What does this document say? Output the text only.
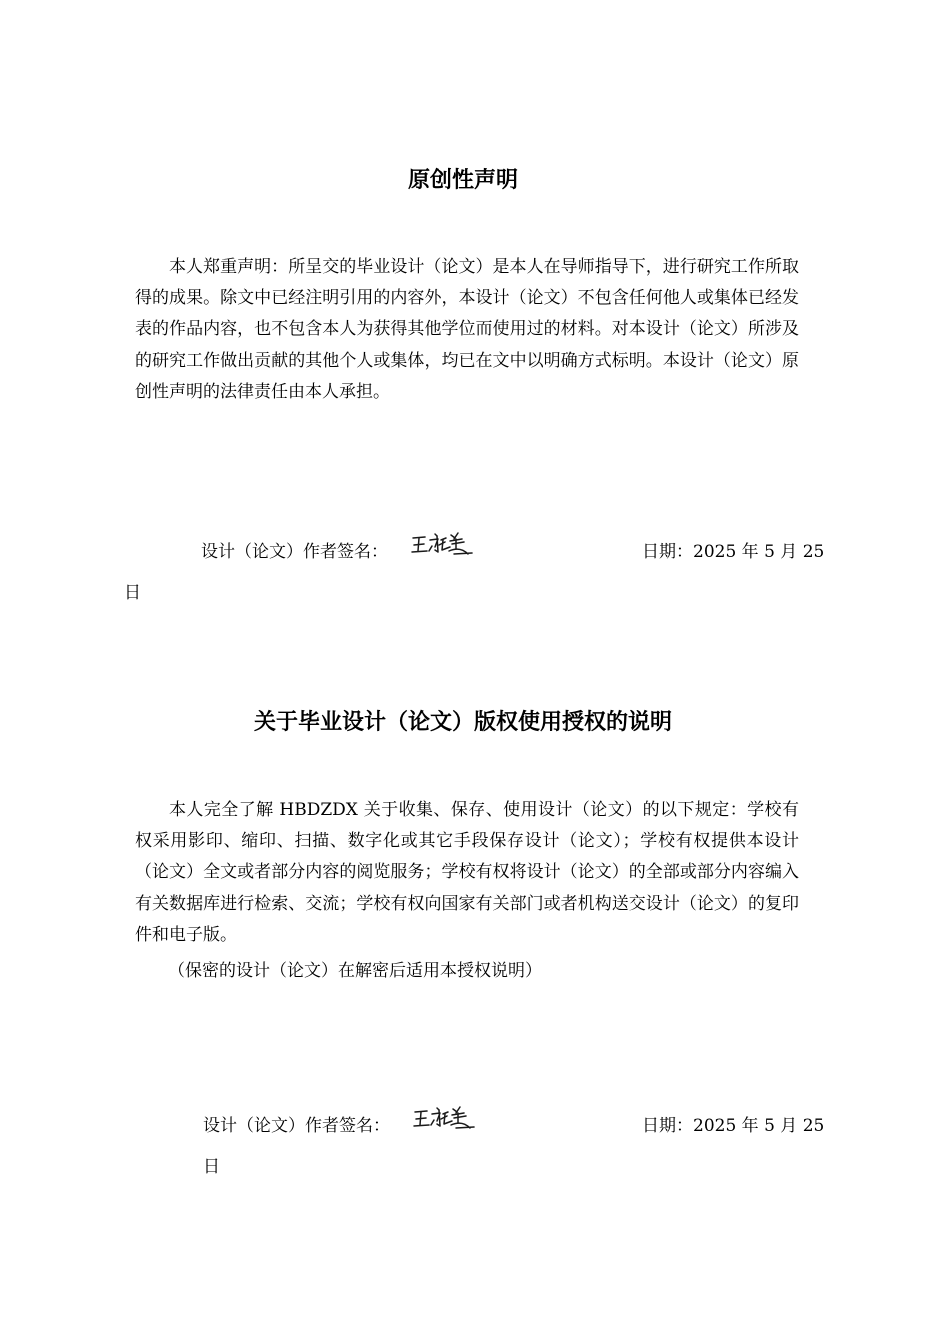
原创性声明

本人郑重声明：所呈交的毕业设计（论文）是本人在导师指导下，进行研究工作所取得的成果。除文中已经注明引用的内容外，本设计（论文）不包含任何他人或集体已经发表的作品内容，也不包含本人为获得其他学位而使用过的材料。对本设计（论文）所涉及的研究工作做出贡献的其他个人或集体，均已在文中以明确方式标明。本设计（论文）原创性声明的法律责任由本人承担。

设计（论文）作者签名：	日期：2025 年 5 月 25
日
关于毕业设计（论文）版权使用授权的说明

本人完全了解 HBDZDX 关于收集、保存、使用设计（论文）的以下规定：学校有权采用影印、缩印、扫描、数字化或其它手段保存设计（论文）；学校有权提供本设计（论文）全文或者部分内容的阅览服务；学校有权将设计（论文）的全部或部分内容编入有关数据库进行检索、交流；学校有权向国家有关部门或者机构送交设计（论文）的复印件和电子版。

（保密的设计（论文）在解密后适用本授权说明）

设计（论文）作者签名：	日期：2025 年 5 月 25
日
